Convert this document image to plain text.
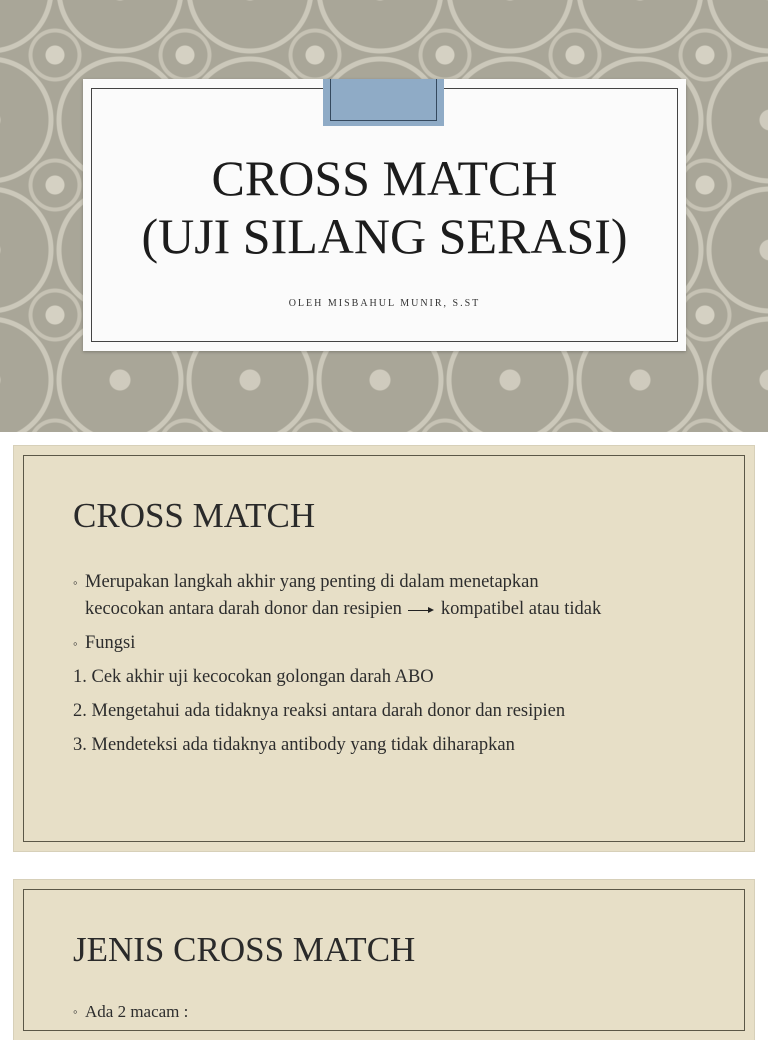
CROSS MATCH
(UJI SILANG SERASI)
OLEH MISBAHUL MUNIR, S.ST
CROSS MATCH
◦ Merupakan langkah akhir yang penting di dalam menetapkan
kecocokan antara darah donor dan resipien kompatibel atau tidak
◦ Fungsi
1. Cek akhir uji kecocokan golongan darah ABO
2. Mengetahui ada tidaknya reaksi antara darah donor dan resipien
3. Mendeteksi ada tidaknya antibody yang tidak diharapkan
JENIS CROSS MATCH
◦ Ada 2 macam :
